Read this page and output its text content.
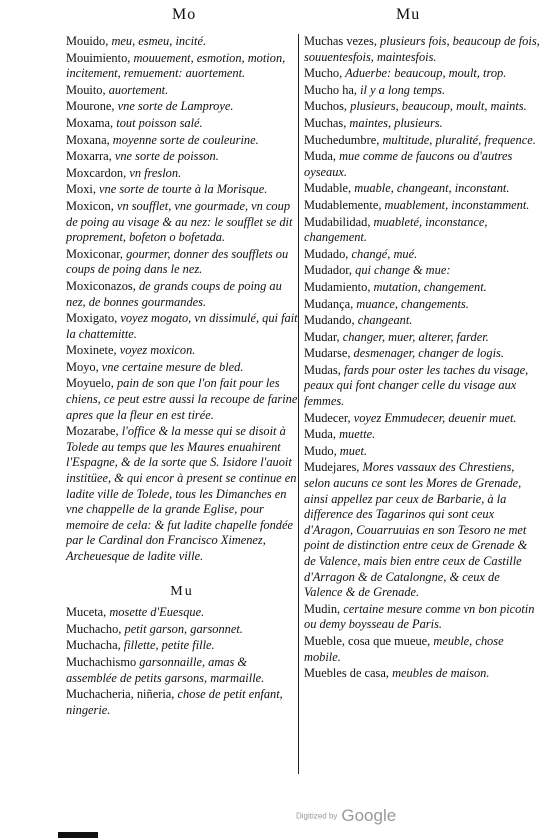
Mo	Mu
Mouido, meu, esmeu, incité.
Mouimiento, mouuement, esmotion, motion, incitement, remuement: auortement.
Mouito, auortement.
Mourone, vne sorte de Lamproye.
Moxama, tout poisson salé.
Moxana, moyenne sorte de couleurine.
Moxarra, vne sorte de poisson.
Moxcardon, vn freslon.
Moxi, vne sorte de tourte à la Morisque.
Moxicon, vn soufflet, vne gourmade, vn coup de poing au visage & au nez: le soufflet se dit proprement, bofeton o bofetada.
Moxiconar, gourmer, donner des soufflets ou coups de poing dans le nez.
Moxiconazos, de grands coups de poing au nez, de bonnes gourmandes.
Moxigato, voyez mogato, vn dissimulé, qui fait la chattemitte.
Moxinete, voyez moxicon.
Moyo, vne certaine mesure de bled.
Moyuelo, pain de son que l'on fait pour les chiens, ce peut estre aussi la recoupe de farine apres que la fleur en est tirée.
Mozarabe, l'office & la messe qui se disoit à Tolede au temps que les Maures enuahirent l'Espagne, & de la sorte que S. Isidore l'auoit institüee, & qui encor à present se continue en ladite ville de Tolede, tous les Dimanches en vne chappelle de la grande Eglise, pour memoire de cela: & fut ladite chapelle fondée par le Cardinal don Francisco Ximenez, Archeuesque de ladite ville.
Mu
Muceta, mosette d'Euesque.
Muchacho, petit garson, garsonnet.
Muchacha, fillette, petite fille.
Muchachismo garsonnaille, amas & assemblée de petits garsons, marmaille.
Muchacheria, niñeria, chose de petit enfant, ningerie.
Muchas vezes, plusieurs fois, beaucoup de fois, souuentesfois, maintesfois.
Mucho, Aduerbe: beaucoup, moult, trop.
Mucho ha, il y a long temps.
Muchos, plusieurs, beaucoup, moult, maints.
Muchas, maintes, plusieurs.
Muchedumbre, multitude, pluralité, frequence.
Muda, mue comme de faucons ou d'autres oyseaux.
Mudable, muable, changeant, inconstant.
Mudablemente, muablement, inconstamment.
Mudabilidad, muableté, inconstance, changement.
Mudado, changé, mué.
Mudador, qui change & mue:
Mudamiento, mutation, changement.
Mudança, muance, changements.
Mudando, changeant.
Mudar, changer, muer, alterer, farder.
Mudarse, desmenager, changer de logis.
Mudas, fards pour oster les taches du visage, peaux qui font changer celle du visage aux femmes.
Mudecer, voyez Emmudecer, deuenir muet.
Muda, muette.
Mudo, muet.
Mudejares, Mores vassaux des Chrestiens, selon aucuns ce sont les Mores de Grenade, ainsi appellez par ceux de Barbarie, à la difference des Tagarinos qui sont ceux d'Aragon, Couarruuias en son Tesoro ne met point de distinction entre ceux de Grenade & de Valence, mais bien entre ceux de Castille d'Arragon & de Catalongne, & ceux de Valence & de Grenade.
Mudin, certaine mesure comme vn bon picotin ou demy boysseau de Paris.
Mueble, cosa que mueue, meuble, chose mobile.
Muebles de casa, meubles de maison.
Digitized by Google
